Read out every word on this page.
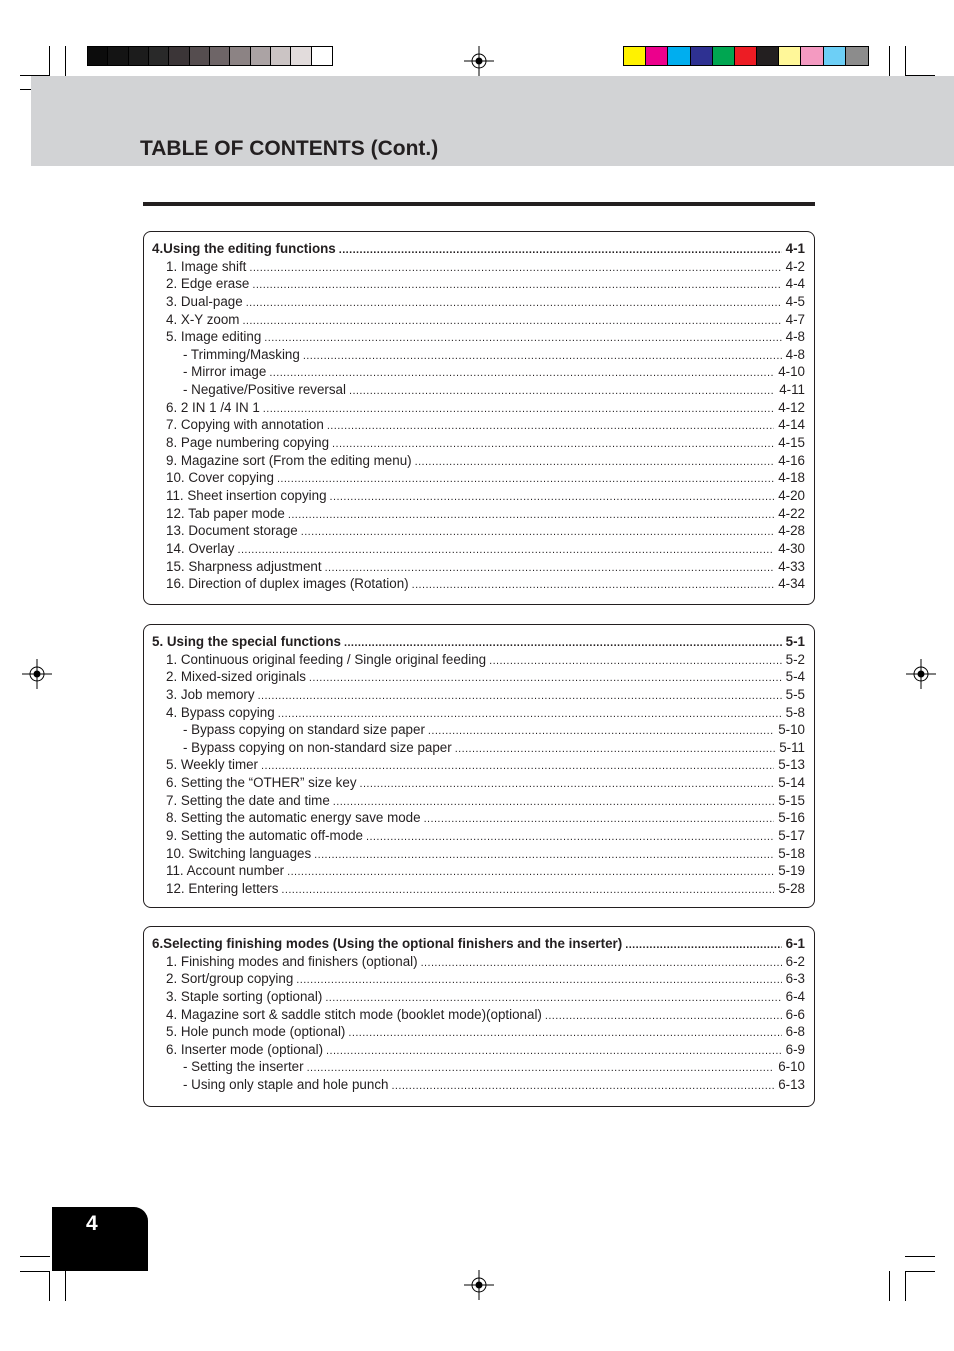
TABLE OF CONTENTS (Cont.)
4.Using the editing functions .....	4-1
1. Image shift .....	4-2
2. Edge erase .....	4-4
3. Dual-page .....	4-5
4. X-Y zoom .....	4-7
5. Image editing .....	4-8
- Trimming/Masking .....	4-8
- Mirror image .....	4-10
- Negative/Positive reversal .....	4-11
6. 2 IN 1 /4 IN 1 .....	4-12
7. Copying with annotation .....	4-14
8. Page numbering copying .....	4-15
9. Magazine sort (From the editing menu) .....	4-16
10. Cover copying .....	4-18
11. Sheet insertion copying .....	4-20
12. Tab paper mode .....	4-22
13. Document storage .....	4-28
14. Overlay .....	4-30
15. Sharpness adjustment .....	4-33
16. Direction of duplex images (Rotation) .....	4-34
5. Using the special functions .....	5-1
1. Continuous original feeding / Single original feeding .....	5-2
2. Mixed-sized originals .....	5-4
3. Job memory .....	5-5
4. Bypass copying .....	5-8
- Bypass copying on standard size paper .....	5-10
- Bypass copying on non-standard size paper .....	5-11
5. Weekly timer .....	5-13
6. Setting the “OTHER” size key .....	5-14
7. Setting the date and time .....	5-15
8. Setting the automatic energy save mode .....	5-16
9. Setting the automatic off-mode .....	5-17
10. Switching languages .....	5-18
11. Account number .....	5-19
12. Entering letters .....	5-28
6.Selecting finishing modes (Using the optional finishers and the inserter) .....	6-1
1. Finishing modes and finishers (optional) .....	6-2
2. Sort/group copying .....	6-3
3. Staple sorting (optional) .....	6-4
4. Magazine sort & saddle stitch mode (booklet mode)(optional) .....	6-6
5. Hole punch mode (optional) .....	6-8
6. Inserter mode (optional) .....	6-9
- Setting the inserter .....	6-10
- Using only staple and hole punch .....	6-13

4
